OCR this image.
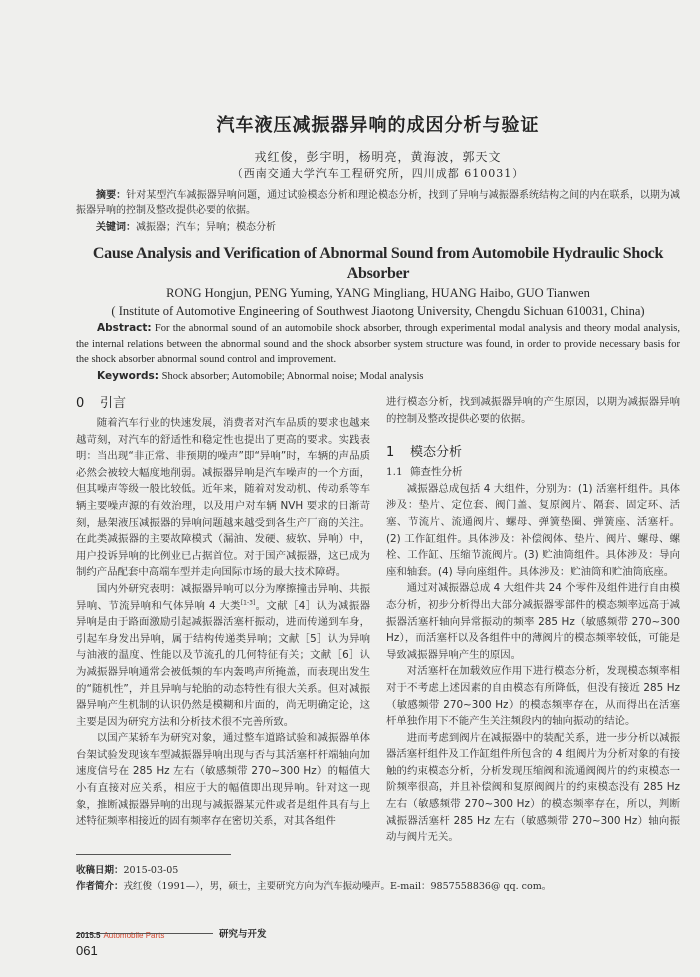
汽车液压减振器异响的成因分析与验证
戎红俊，彭宇明，杨明亮，黄海波，郭天文
（西南交通大学汽车工程研究所，四川成都 610031）
摘要：针对某型汽车减振器异响问题，通过试验模态分析和理论模态分析，找到了异响与减振器系统结构之间的内在联系，以期为减振器异响的控制及整改提供必要的依据。
关键词：减振器；汽车；异响；模态分析
Cause Analysis and Verification of Abnormal Sound from Automobile Hydraulic Shock Absorber
RONG Hongjun, PENG Yuming, YANG Mingliang, HUANG Haibo, GUO Tianwen
( Institute of Automotive Engineering of Southwest Jiaotong University, Chengdu Sichuan 610031, China)
Abstract: For the abnormal sound of an automobile shock absorber, through experimental modal analysis and theory modal analysis, the internal relations between the abnormal sound and the shock absorber system structure was found, in order to provide necessary basis for the shock absorber abnormal sound control and improvement.
Keywords: Shock absorber; Automobile; Abnormal noise; Modal analysis
0 引言

随着汽车行业的快速发展，消费者对汽车品质的要求也越来越苛刻，对汽车的舒适性和稳定性也提出了更高的要求。实践表明：当出现“非正常、非预期的噪声”即“异响”时，车辆的声品质必然会被较大幅度地削弱。减振器异响是汽车噪声的一个方面，但其噪声等级一般比较低。近年来，随着对发动机、传动系等车辆主要噪声源的有效治理，以及用户对车辆 NVH 要求的日渐苛刻，悬架液压减振器的异响问题越来越受到各生产厂商的关注。在此类减振器的主要故障模式（漏油、发硬、疲软、异响）中，用户投诉异响的比例业已占据首位。对于国产减振器，这已成为制约产品配套中高端车型并走向国际市场的最大技术障碍。

国内外研究表明：减振器异响可以分为摩擦撞击异响、共振异响、节流异响和气体异响 4 大类[1-3]。文献［4］认为减振器异响是由于路面激励引起减振器活塞杆振动，进而传递到车身，引起车身发出异响，属于结构传递类异响；文献［5］认为异响与油液的温度、性能以及节流孔的几何特征有关；文献［6］认为减振器异响通常会被低频的车内轰鸣声所掩盖，而表现出发生的“随机性”，并且异响与轮胎的动态特性有很大关系。但对减振器异响产生机制的认识仍然是模糊和片面的，尚无明确定论，这主要是因为研究方法和分析技术很不完善所致。

以国产某轿车为研究对象，通过整车道路试验和减振器单体台架试验发现该车型减振器异响出现与否与其活塞杆杆端轴向加速度信号在 285 Hz 左右（敏感频带 270~300 Hz）的幅值大小有直接对应关系，相应于大的幅值即出现异响。针对这一现象，推断减振器异响的出现与减振器某元件或者是组件具有与上述特征频率相接近的固有频率存在密切关系，对其各组件

进行模态分析，找到减振器异响的产生原因，以期为减振器异响的控制及整改提供必要的依据。

1 模态分析
1.1 筛查性分析

减振器总成包括 4 大组件，分别为：(1) 活塞杆组件。具体涉及：垫片、定位套、阀门盖、复原阀片、隔套、固定环、活塞、节流片、流通阀片、螺母、弹簧垫圈、弹簧座、活塞杆。(2) 工作缸组件。具体涉及：补偿阀体、垫片、阀片、螺母、螺栓、工作缸、压缩节流阀片。(3) 贮油筒组件。具体涉及：导向座和轴套。(4) 导向座组件。具体涉及：贮油筒和贮油筒底座。

通过对减振器总成 4 大组件共 24 个零件及组件进行自由模态分析，初步分析得出大部分减振器零部件的模态频率远高于减振器活塞杆轴向异常振动的频率 285 Hz（敏感频带 270~300 Hz），而活塞杆以及各组件中的薄阀片的模态频率较低，可能是导致减振器异响产生的原因。

对活塞杆在加载效应作用下进行模态分析，发现模态频率相对于不考虑上述因素的自由模态有所降低，但没有接近 285 Hz（敏感频带 270~300 Hz）的模态频率存在，从而得出在活塞杆单独作用下不能产生关注频段内的轴向振动的结论。

进而考虑到阀片在减振器中的装配关系，进一步分析以减振器活塞杆组件及工作缸组件所包含的 4 组阀片为分析对象的有接触的约束模态分析，分析发现压缩阀和流通阀阀片的约束模态一阶频率很高，并且补偿阀和复原阀阀片的约束模态没有 285 Hz 左右（敏感频带 270~300 Hz）的模态频率存在，所以，判断减振器活塞杆 285 Hz 左右（敏感频带 270~300 Hz）轴向振动与阀片无关。

收稿日期：2015-03-05
作者简介：戎红俊（1991—），男，硕士，主要研究方向为汽车振动噪声。E-mail：9857558836@ qq. com。
2015.5 Automobile Parts
061
研究与开发
